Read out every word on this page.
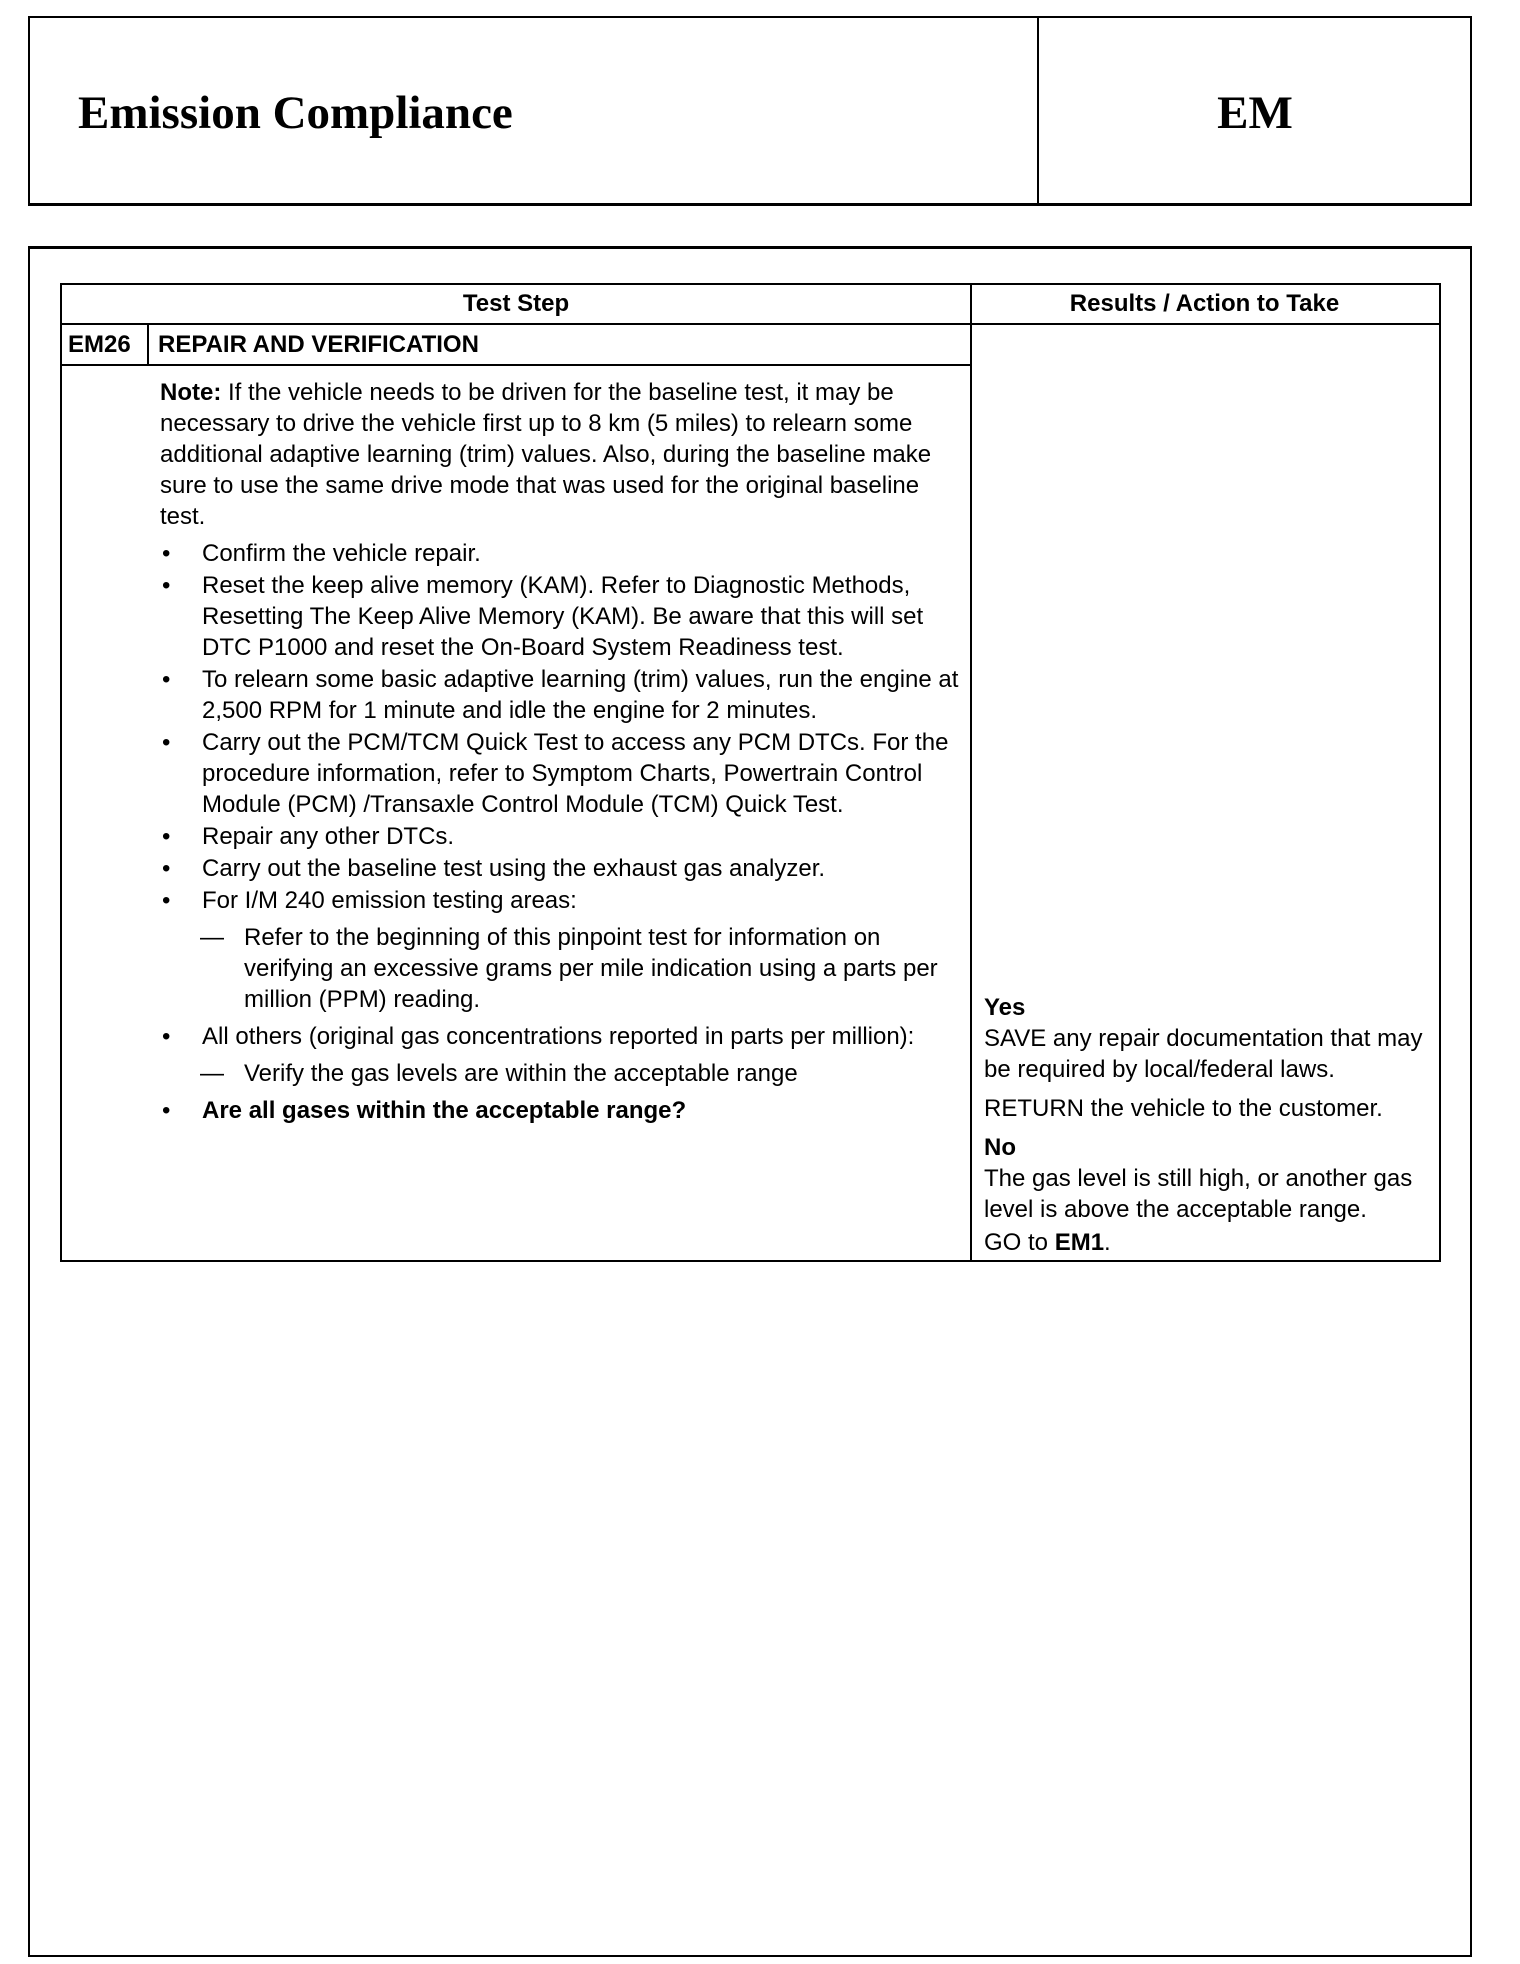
Emission Compliance	EM
Test Step	Results / Action to Take
EM26 REPAIR AND VERIFICATION

Note: If the vehicle needs to be driven for the baseline test, it may be necessary to drive the vehicle first up to 8 km (5 miles) to relearn some additional adaptive learning (trim) values. Also, during the baseline make sure to use the same drive mode that was used for the original baseline test.

• Confirm the vehicle repair.
• Reset the keep alive memory (KAM). Refer to Diagnostic Methods, Resetting The Keep Alive Memory (KAM). Be aware that this will set DTC P1000 and reset the On-Board System Readiness test.
• To relearn some basic adaptive learning (trim) values, run the engine at 2,500 RPM for 1 minute and idle the engine for 2 minutes.
• Carry out the PCM/TCM Quick Test to access any PCM DTCs. For the procedure information, refer to Symptom Charts, Powertrain Control Module (PCM) /Transaxle Control Module (TCM) Quick Test.
• Repair any other DTCs.
• Carry out the baseline test using the exhaust gas analyzer.
• For I/M 240 emission testing areas:
— Refer to the beginning of this pinpoint test for information on verifying an excessive grams per mile indication using a parts per million (PPM) reading.
• All others (original gas concentrations reported in parts per million):
— Verify the gas levels are within the acceptable range
• Are all gases within the acceptable range?
Yes

SAVE any repair documentation that may be required by local/federal laws.

RETURN the vehicle to the customer.

No

The gas level is still high, or another gas level is above the acceptable range.

GO to EM1.
